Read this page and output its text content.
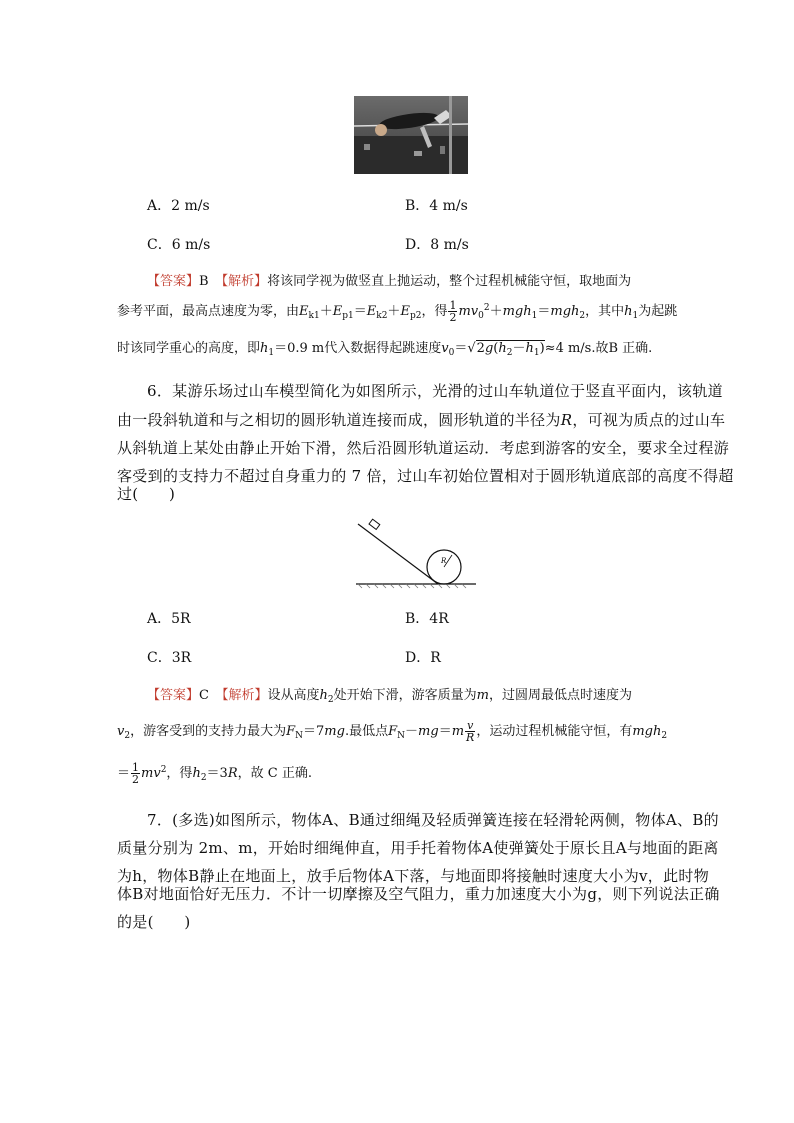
A．2 m/s	B．4 m/s
C．6 m/s	D．8 m/s
【答案】B　 【解析】将该同学视为做竖直上抛运动，整个过程机械能守恒，取地面为
参考平面，最高点速度为零，由$E_{k1}+E_{p1}=E_{k2}+E_{p2}$，得 $\frac{1}{2} mv_0^2+mgh_1=mgh_2$，其中$h_1$为起跳
时该同学重心的高度，即$h_1=0.9$ m代入数据得起跳速度$v_0=√2g(h_2-h_1)\approx 4$ m/s.故B 正确.
6．某游乐场过山车模型简化为如图所示，光滑的过山车轨道位于竖直平面内，该轨道
由一段斜轨道和与之相切的圆形轨道连接而成，圆形轨道的半径为R，可视为质点的过山车
从斜轨道上某处由静止开始下滑，然后沿圆形轨道运动．考虑到游客的安全，要求全过程游
客受到的支持力不超过自身重力的 7 倍，过山车初始位置相对于圆形轨道底部的高度不得超
过(　　)
R
A．5R	B．4R
C．3R	D．R
【答案】C　 【解析】设从高度$h_2$处开始下滑，游客质量为m，过圆周最低点时速度为
$v_2$，游客受到的支持力最大为$F_N=7mg$.最低点$F_N-mg=m \frac{v}{R}$ ，运动过程机械能守恒，有mgh$_2$
＝ $\frac{1}{2} mv^2$，得$h_2=3R$，故 C 正确.
7．(多选)如图所示，物体A、B通过细绳及轻质弹簧连接在轻滑轮两侧，物体A、B的
质量分别为 2m、m，开始时细绳伸直，用手托着物体A使弹簧处于原长且A与地面的距离
为h，物体B静止在地面上，放手后物体A下落，与地面即将接触时速度大小为v，此时物
体B对地面恰好无压力．不计一切摩擦及空气阻力，重力加速度大小为g，则下列说法正确
的是(　　)
